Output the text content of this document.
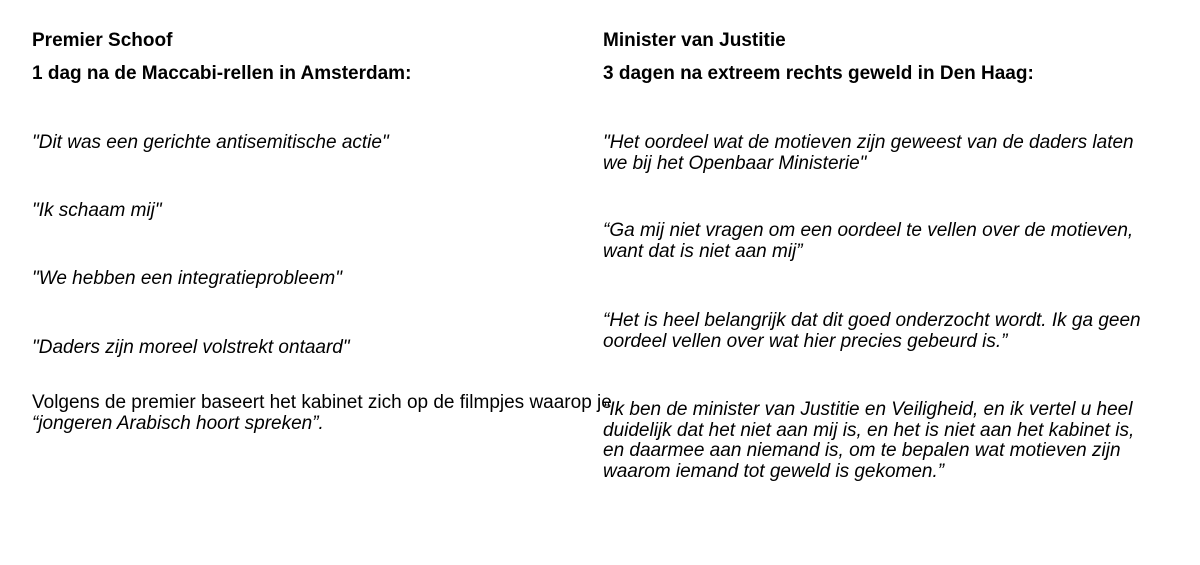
Premier Schoof
1 dag na de Maccabi-rellen in Amsterdam:
"Dit was een gerichte antisemitische actie"
"Ik schaam mij"
"We hebben een integratieprobleem"
"Daders zijn moreel volstrekt ontaard"
Volgens de premier baseert het kabinet zich op de filmpjes waarop je
“jongeren Arabisch hoort spreken”.
Minister van Justitie
3 dagen na extreem rechts geweld in Den Haag:
"Het oordeel wat de motieven zijn geweest van de daders laten
we bij het Openbaar Ministerie"
“Ga mij niet vragen om een oordeel te vellen over de motieven,
want dat is niet aan mij”
“Het is heel belangrijk dat dit goed onderzocht wordt. Ik ga geen
oordeel vellen over wat hier precies gebeurd is.”
“Ik ben de minister van Justitie en Veiligheid, en ik vertel u heel
duidelijk dat het niet aan mij is, en het is niet aan het kabinet is,
en daarmee aan niemand is, om te bepalen wat motieven zijn
waarom iemand tot geweld is gekomen.”
